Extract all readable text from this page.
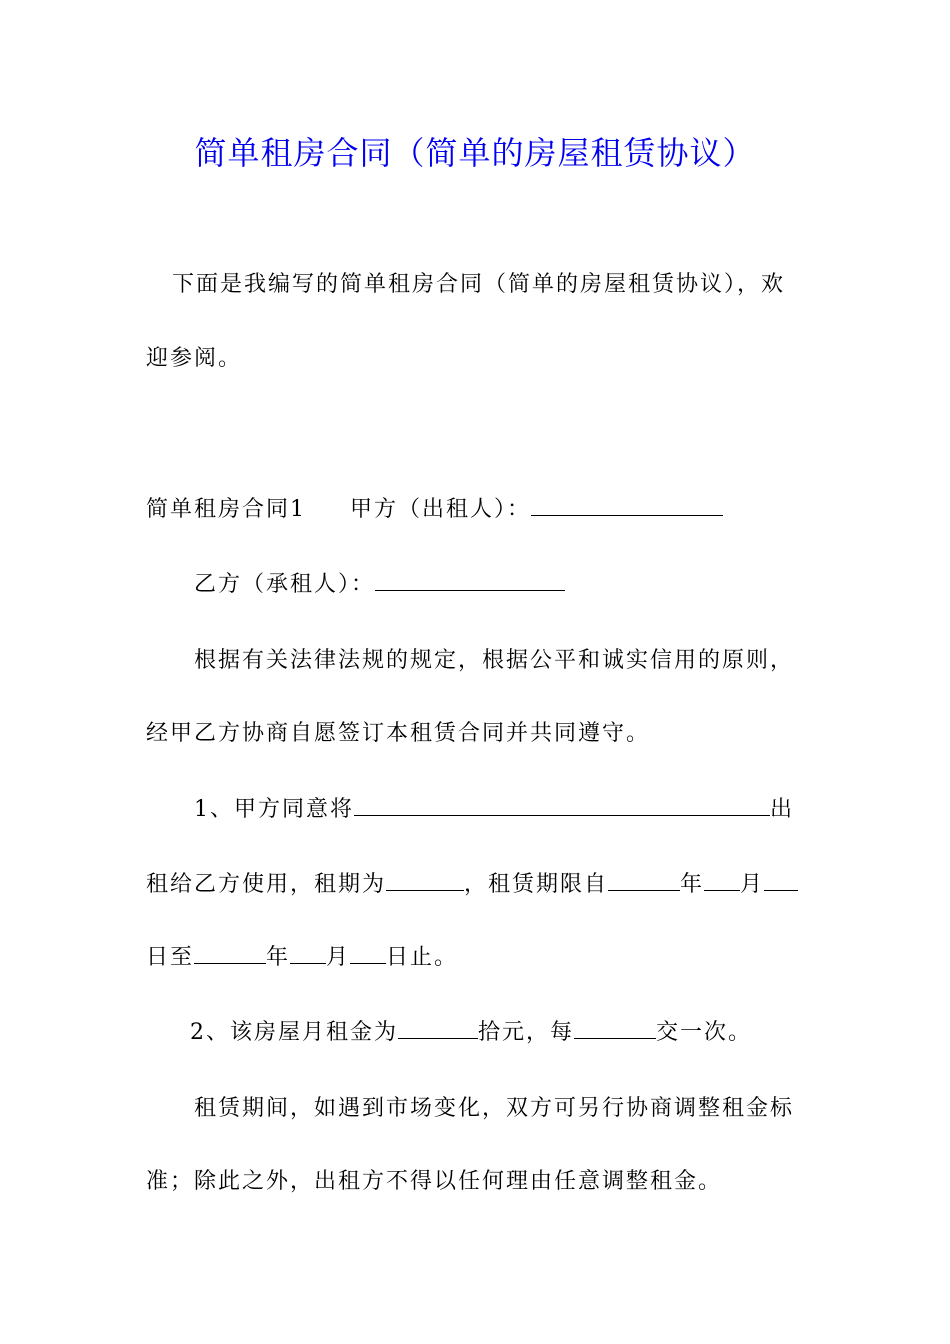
简单租房合同（简单的房屋租赁协议）
下面是我编写的简单租房合同（简单的房屋租赁协议），欢
迎参阅。
简单租房合同1 甲方（出租人）：
乙方（承租人）：
根据有关法律法规的规定，根据公平和诚实信用的原则，
经甲乙方协商自愿签订本租赁合同并共同遵守。
1、甲方同意将	出
租给乙方使用，租期为	，租赁期限自	年 月
日至	年 月 日止。
2、该房屋月租金为	拾元，每	交一次。
租赁期间，如遇到市场变化，双方可另行协商调整租金标
准；除此之外，出租方不得以任何理由任意调整租金。
